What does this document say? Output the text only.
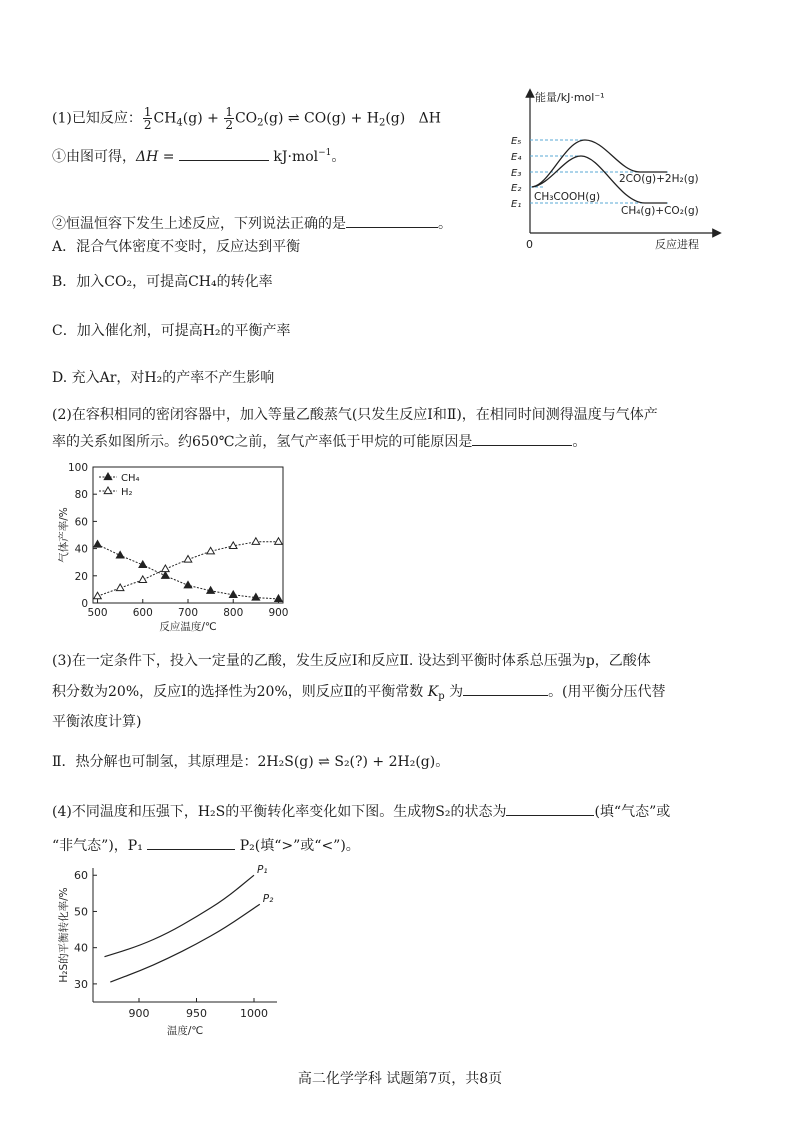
(1)已知反应： $\frac{1}{2} CH_4(g) + \frac{1}{2} CO_2(g)$ ⇌ $CO(g) + H_2(g)$   ΔH
①由图可得，ΔH =	kJ·mol$^{-1}$。
②恒温恒容下发生上述反应，下列说法正确的是	。
A．混合气体密度不变时，反应达到平衡
B．加入CO₂，可提高CH₄的转化率
C．加入催化剂，可提高H₂的平衡产率
D. 充入Ar，对H₂的产率不产生影响
能量/kJ·mol⁻¹
反应进程
0
E₅
E₄
E₃
E₂
E₁
2CO(g)+2H₂(g)
CH₃COOH(g)
CH₄(g)+CO₂(g)
(2)在容积相同的密闭容器中，加入等量乙酸蒸气(只发生反应Ⅰ和Ⅱ)，在相同时间测得温度与气体产
率的关系如图所示。约650℃之前，氢气产率低于甲烷的可能原因是	。
0
20
40
60
80
100
500 600 700 800 900
反应温度/℃
气体产率/%
CH₄
H₂
(3)在一定条件下，投入一定量的乙酸，发生反应Ⅰ和反应Ⅱ. 设达到平衡时体系总压强为p，乙酸体
积分数为20%，反应Ⅰ的选择性为20%，则反应Ⅱ的平衡常数 $K_p$ 为	。(用平衡分压代替
平衡浓度计算)
Ⅱ．热分解也可制氢，其原理是：2H₂S(g) ⇌ S₂(?) + 2H₂(g)。
(4)不同温度和压强下，H₂S的平衡转化率变化如下图。生成物S₂的状态为	(填“气态”或
“非气态”)，P₁	P₂(填“>”或“<”)。
30
40
50
60
900	950	1000
温度/℃
H₂S的平衡转化率/%
P₁
P₂
高二化学学科 试题第7页，共8页
